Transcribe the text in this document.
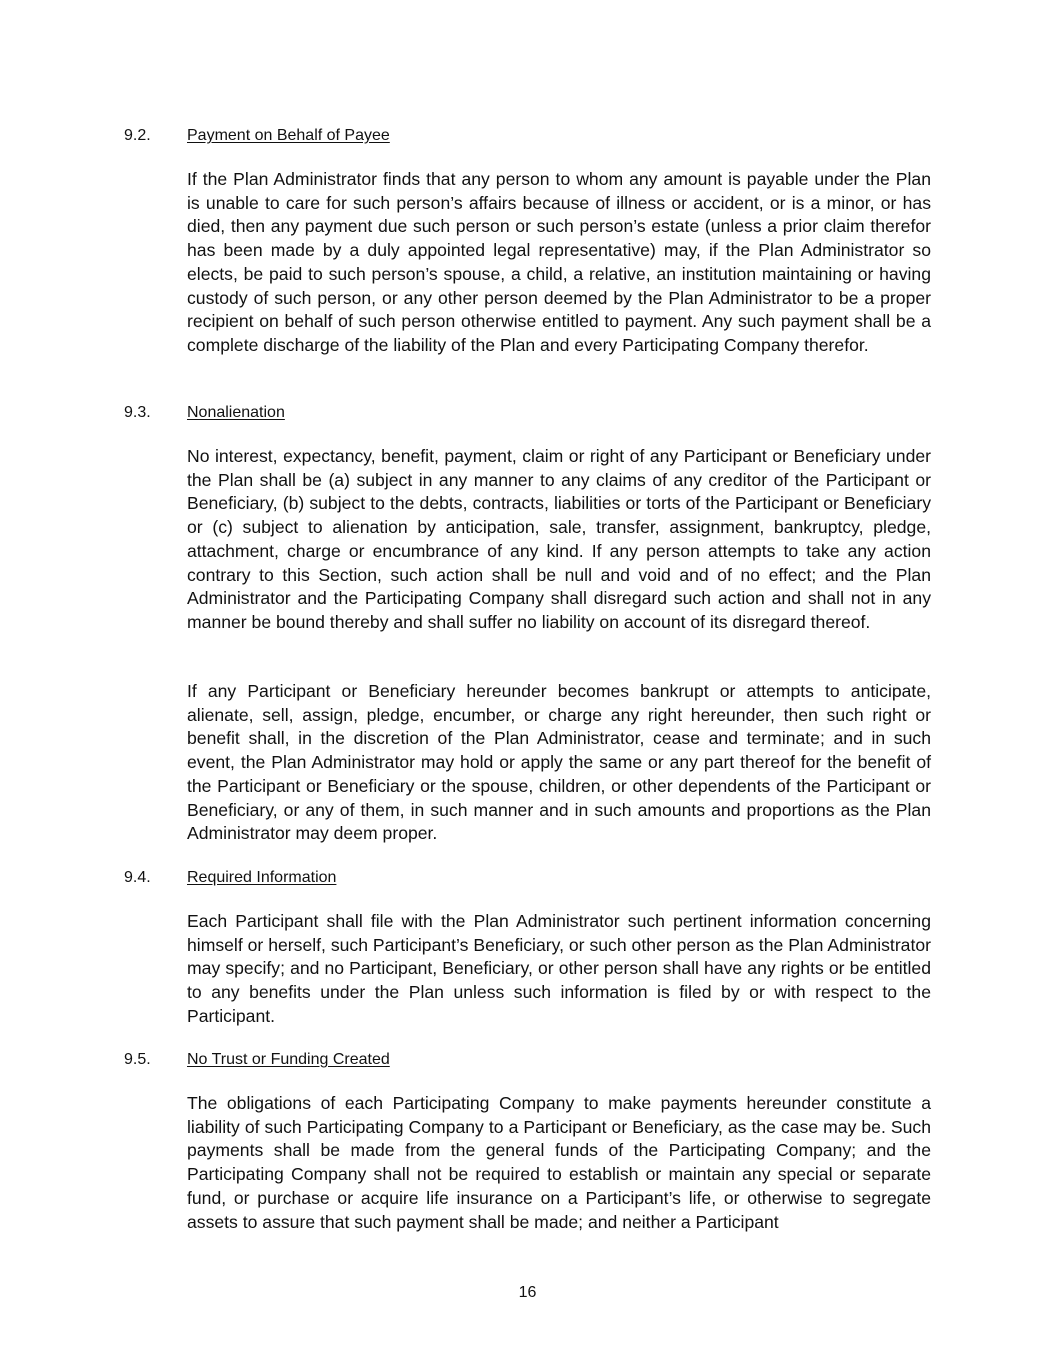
9.2. Payment on Behalf of Payee

If the Plan Administrator finds that any person to whom any amount is payable under the Plan is unable to care for such person’s affairs because of illness or accident, or is a minor, or has died, then any payment due such person or such person’s estate (unless a prior claim therefor has been made by a duly appointed legal representative) may, if the Plan Administrator so elects, be paid to such person’s spouse, a child, a relative, an institution maintaining or having custody of such person, or any other person deemed by the Plan Administrator to be a proper recipient on behalf of such person otherwise entitled to payment. Any such payment shall be a complete discharge of the liability of the Plan and every Participating Company therefor.

9.3. Nonalienation

No interest, expectancy, benefit, payment, claim or right of any Participant or Beneficiary under the Plan shall be (a) subject in any manner to any claims of any creditor of the Participant or Beneficiary, (b) subject to the debts, contracts, liabilities or torts of the Participant or Beneficiary or (c) subject to alienation by anticipation, sale, transfer, assignment, bankruptcy, pledge, attachment, charge or encumbrance of any kind. If any person attempts to take any action contrary to this Section, such action shall be null and void and of no effect; and the Plan Administrator and the Participating Company shall disregard such action and shall not in any manner be bound thereby and shall suffer no liability on account of its disregard thereof.

If any Participant or Beneficiary hereunder becomes bankrupt or attempts to anticipate, alienate, sell, assign, pledge, encumber, or charge any right hereunder, then such right or benefit shall, in the discretion of the Plan Administrator, cease and terminate; and in such event, the Plan Administrator may hold or apply the same or any part thereof for the benefit of the Participant or Beneficiary or the spouse, children, or other dependents of the Participant or Beneficiary, or any of them, in such manner and in such amounts and proportions as the Plan Administrator may deem proper.

9.4. Required Information

Each Participant shall file with the Plan Administrator such pertinent information concerning himself or herself, such Participant’s Beneficiary, or such other person as the Plan Administrator may specify; and no Participant, Beneficiary, or other person shall have any rights or be entitled to any benefits under the Plan unless such information is filed by or with respect to the Participant.

9.5. No Trust or Funding Created

The obligations of each Participating Company to make payments hereunder constitute a liability of such Participating Company to a Participant or Beneficiary, as the case may be. Such payments shall be made from the general funds of the Participating Company; and the Participating Company shall not be required to establish or maintain any special or separate fund, or purchase or acquire life insurance on a Participant’s life, or otherwise to segregate assets to assure that such payment shall be made; and neither a Participant

16
